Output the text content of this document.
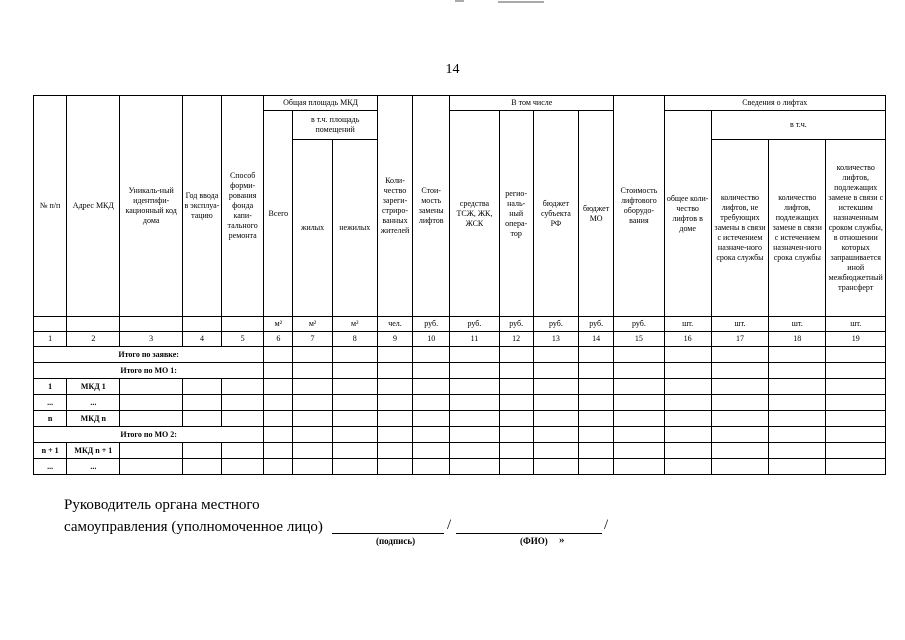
14
№ п/п	Адрес МКД	Уникаль-ный идентифи-кационный код дома	Год ввода в эксплуа-тацию	Способ форми-рования фонда капи-тального ремонта	Общая площадь МКД			Коли-чество зареги-стриро-ванных жителей	Стои-мость замены лифтов	В том числе				Стоимость лифтового оборудо-вания	Сведения о лифтах			
					Всего	в т.ч. площадь помещений				средства ТСЖ, ЖК, ЖСК	регио-наль-ный опера-тор	бюджет субъекта РФ	бюджет МО		общее коли-чество лифтов в доме	в т.ч.		
						жилых	нежилых									количество лифтов, не требующих замены в связи с истечением назначе-ного срока службы	количество лифтов, подлежащих замене в связи с истечением назначен-ного срока службы	количество лифтов, подлежащих замене в связи с истекшим назначенным сроком службы, в отношении которых запрашивается иной межбюджетный трансферт
					м²	м²	м²	чел.	руб.	руб.	руб.	руб.	руб.	руб.	шт.	шт.	шт.	шт.
1	2	3	4	5	6	7	8	9	10	11	12	13	14	15	16	17	18	19
Итого по заявке:																		
Итого по МО 1:																		
1	МКД 1																	
...	...																	
n	МКД n																	
Итого по МО 2:																		
n + 1	МКД n + 1																	
...	...																	
Руководитель органа местного
самоуправления (уполномоченное лицо)	/	/
(подпись)	(ФИО) »
